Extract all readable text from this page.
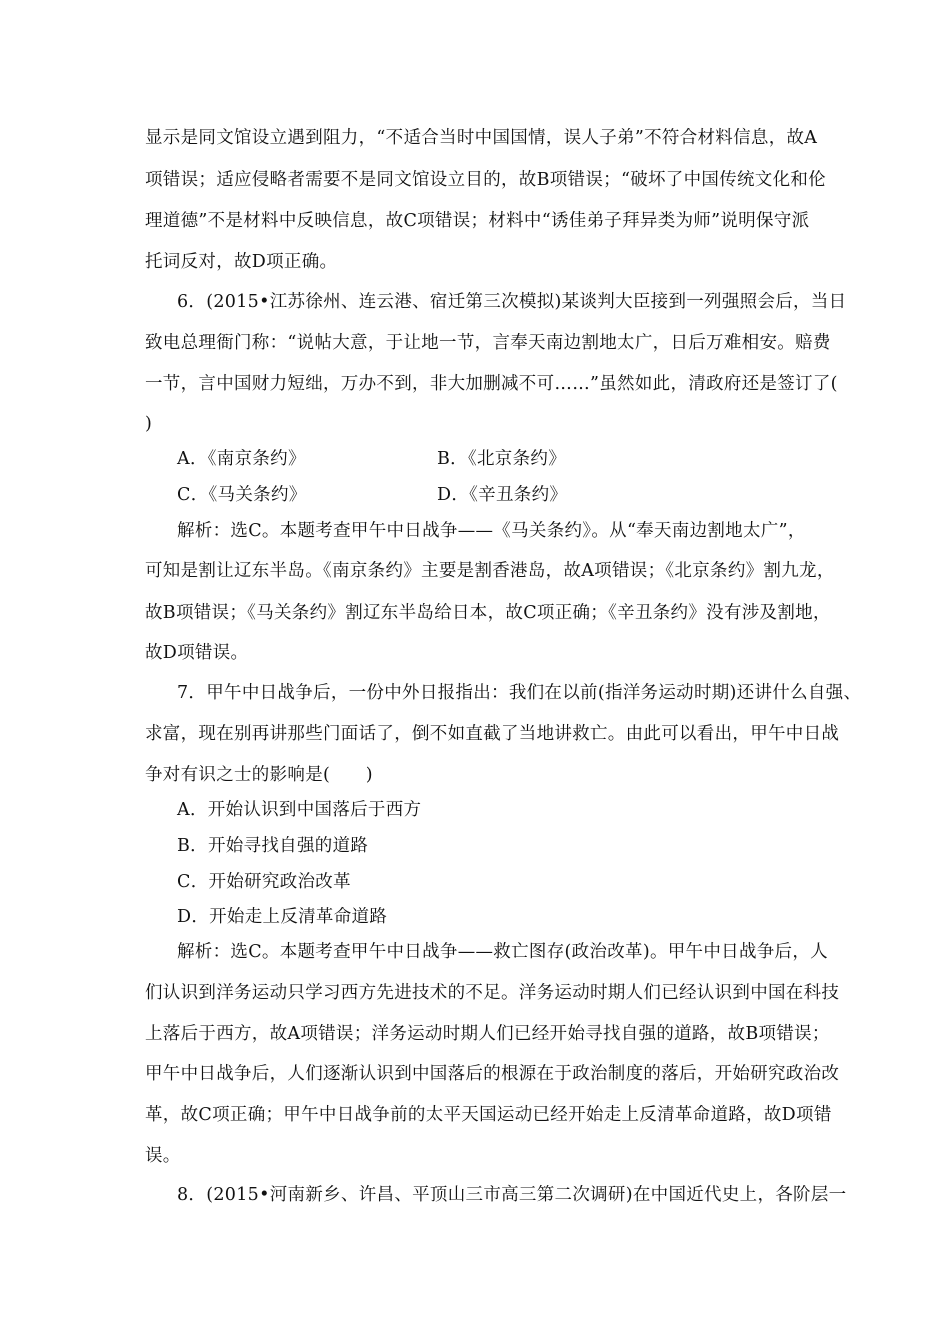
显示是同文馆设立遇到阻力，“不适合当时中国国情，误人子弟”不符合材料信息，故A
项错误；适应侵略者需要不是同文馆设立目的，故B项错误；“破坏了中国传统文化和伦
理道德”不是材料中反映信息，故C项错误；材料中“诱佳弟子拜异类为师”说明保守派
托词反对，故D项正确。
6．(2015•江苏徐州、连云港、宿迁第三次模拟)某谈判大臣接到一列强照会后，当日
致电总理衙门称：“说帖大意，于让地一节，言奉天南边割地太广，日后万难相安。赔费
一节，言中国财力短绌，万办不到，非大加删减不可……”虽然如此，清政府还是签订了(
)
A．《南京条约》	B．《北京条约》
C．《马关条约》	D．《辛丑条约》
解析：选C。本题考查甲午中日战争——《马关条约》。从“奉天南边割地太广”，
可知是割让辽东半岛。《南京条约》主要是割香港岛，故A项错误；《北京条约》割九龙，
故B项错误；《马关条约》割辽东半岛给日本，故C项正确；《辛丑条约》没有涉及割地，
故D项错误。
7．甲午中日战争后，一份中外日报指出：我们在以前(指洋务运动时期)还讲什么自强、
求富，现在别再讲那些门面话了，倒不如直截了当地讲救亡。由此可以看出，甲午中日战
争对有识之士的影响是(　　)
A．开始认识到中国落后于西方
B．开始寻找自强的道路
C．开始研究政治改革
D．开始走上反清革命道路
解析：选C。本题考查甲午中日战争——救亡图存(政治改革)。甲午中日战争后，人
们认识到洋务运动只学习西方先进技术的不足。洋务运动时期人们已经认识到中国在科技
上落后于西方，故A项错误；洋务运动时期人们已经开始寻找自强的道路，故B项错误；
甲午中日战争后，人们逐渐认识到中国落后的根源在于政治制度的落后，开始研究政治改
革，故C项正确；甲午中日战争前的太平天国运动已经开始走上反清革命道路，故D项错
误。
8．(2015•河南新乡、许昌、平顶山三市高三第二次调研)在中国近代史上，各阶层一
